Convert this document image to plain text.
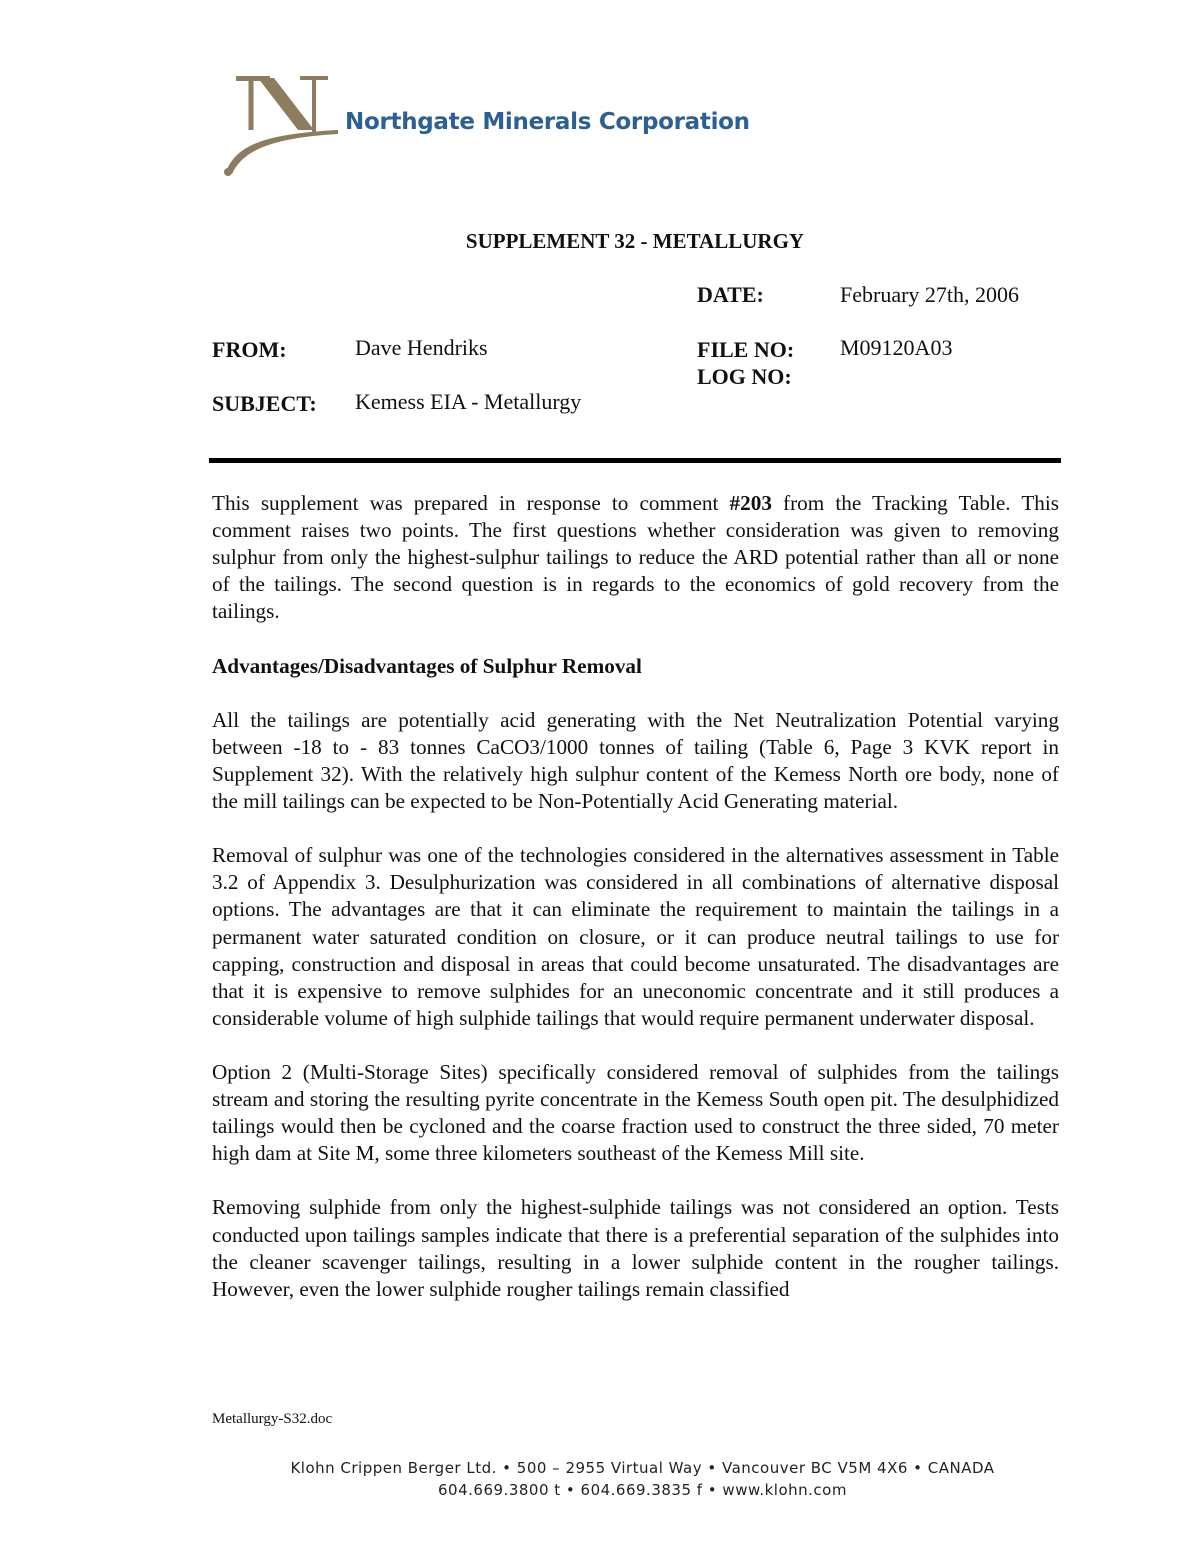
Northgate Minerals Corporation
SUPPLEMENT 32 - METALLURGY
DATE:	February 27th, 2006
FROM:	Dave Hendriks	FILE NO: M09120A03
LOG NO:
SUBJECT: Kemess EIA - Metallurgy

This supplement was prepared in response to comment #203 from the Tracking Table. This comment raises two points. The first questions whether consideration was given to removing sulphur from only the highest-sulphur tailings to reduce the ARD potential rather than all or none of the tailings. The second question is in regards to the economics of gold recovery from the tailings.

Advantages/Disadvantages of Sulphur Removal

All the tailings are potentially acid generating with the Net Neutralization Potential varying between -18 to - 83 tonnes CaCO3/1000 tonnes of tailing (Table 6, Page 3 KVK report in Supplement 32). With the relatively high sulphur content of the Kemess North ore body, none of the mill tailings can be expected to be Non-Potentially Acid Generating material.

Removal of sulphur was one of the technologies considered in the alternatives assessment in Table 3.2 of Appendix 3. Desulphurization was considered in all combinations of alternative disposal options. The advantages are that it can eliminate the requirement to maintain the tailings in a permanent water saturated condition on closure, or it can produce neutral tailings to use for capping, construction and disposal in areas that could become unsaturated. The disadvantages are that it is expensive to remove sulphides for an uneconomic concentrate and it still produces a considerable volume of high sulphide tailings that would require permanent underwater disposal.

Option 2 (Multi-Storage Sites) specifically considered removal of sulphides from the tailings stream and storing the resulting pyrite concentrate in the Kemess South open pit. The desulphidized tailings would then be cycloned and the coarse fraction used to construct the three sided, 70 meter high dam at Site M, some three kilometers southeast of the Kemess Mill site.

Removing sulphide from only the highest-sulphide tailings was not considered an option. Tests conducted upon tailings samples indicate that there is a preferential separation of the sulphides into the cleaner scavenger tailings, resulting in a lower sulphide content in the rougher tailings. However, even the lower sulphide rougher tailings remain classified

Metallurgy-S32.doc
Klohn Crippen Berger Ltd. • 500 – 2955 Virtual Way • Vancouver BC V5M 4X6 • CANADA
604.669.3800 t • 604.669.3835 f • www.klohn.com
